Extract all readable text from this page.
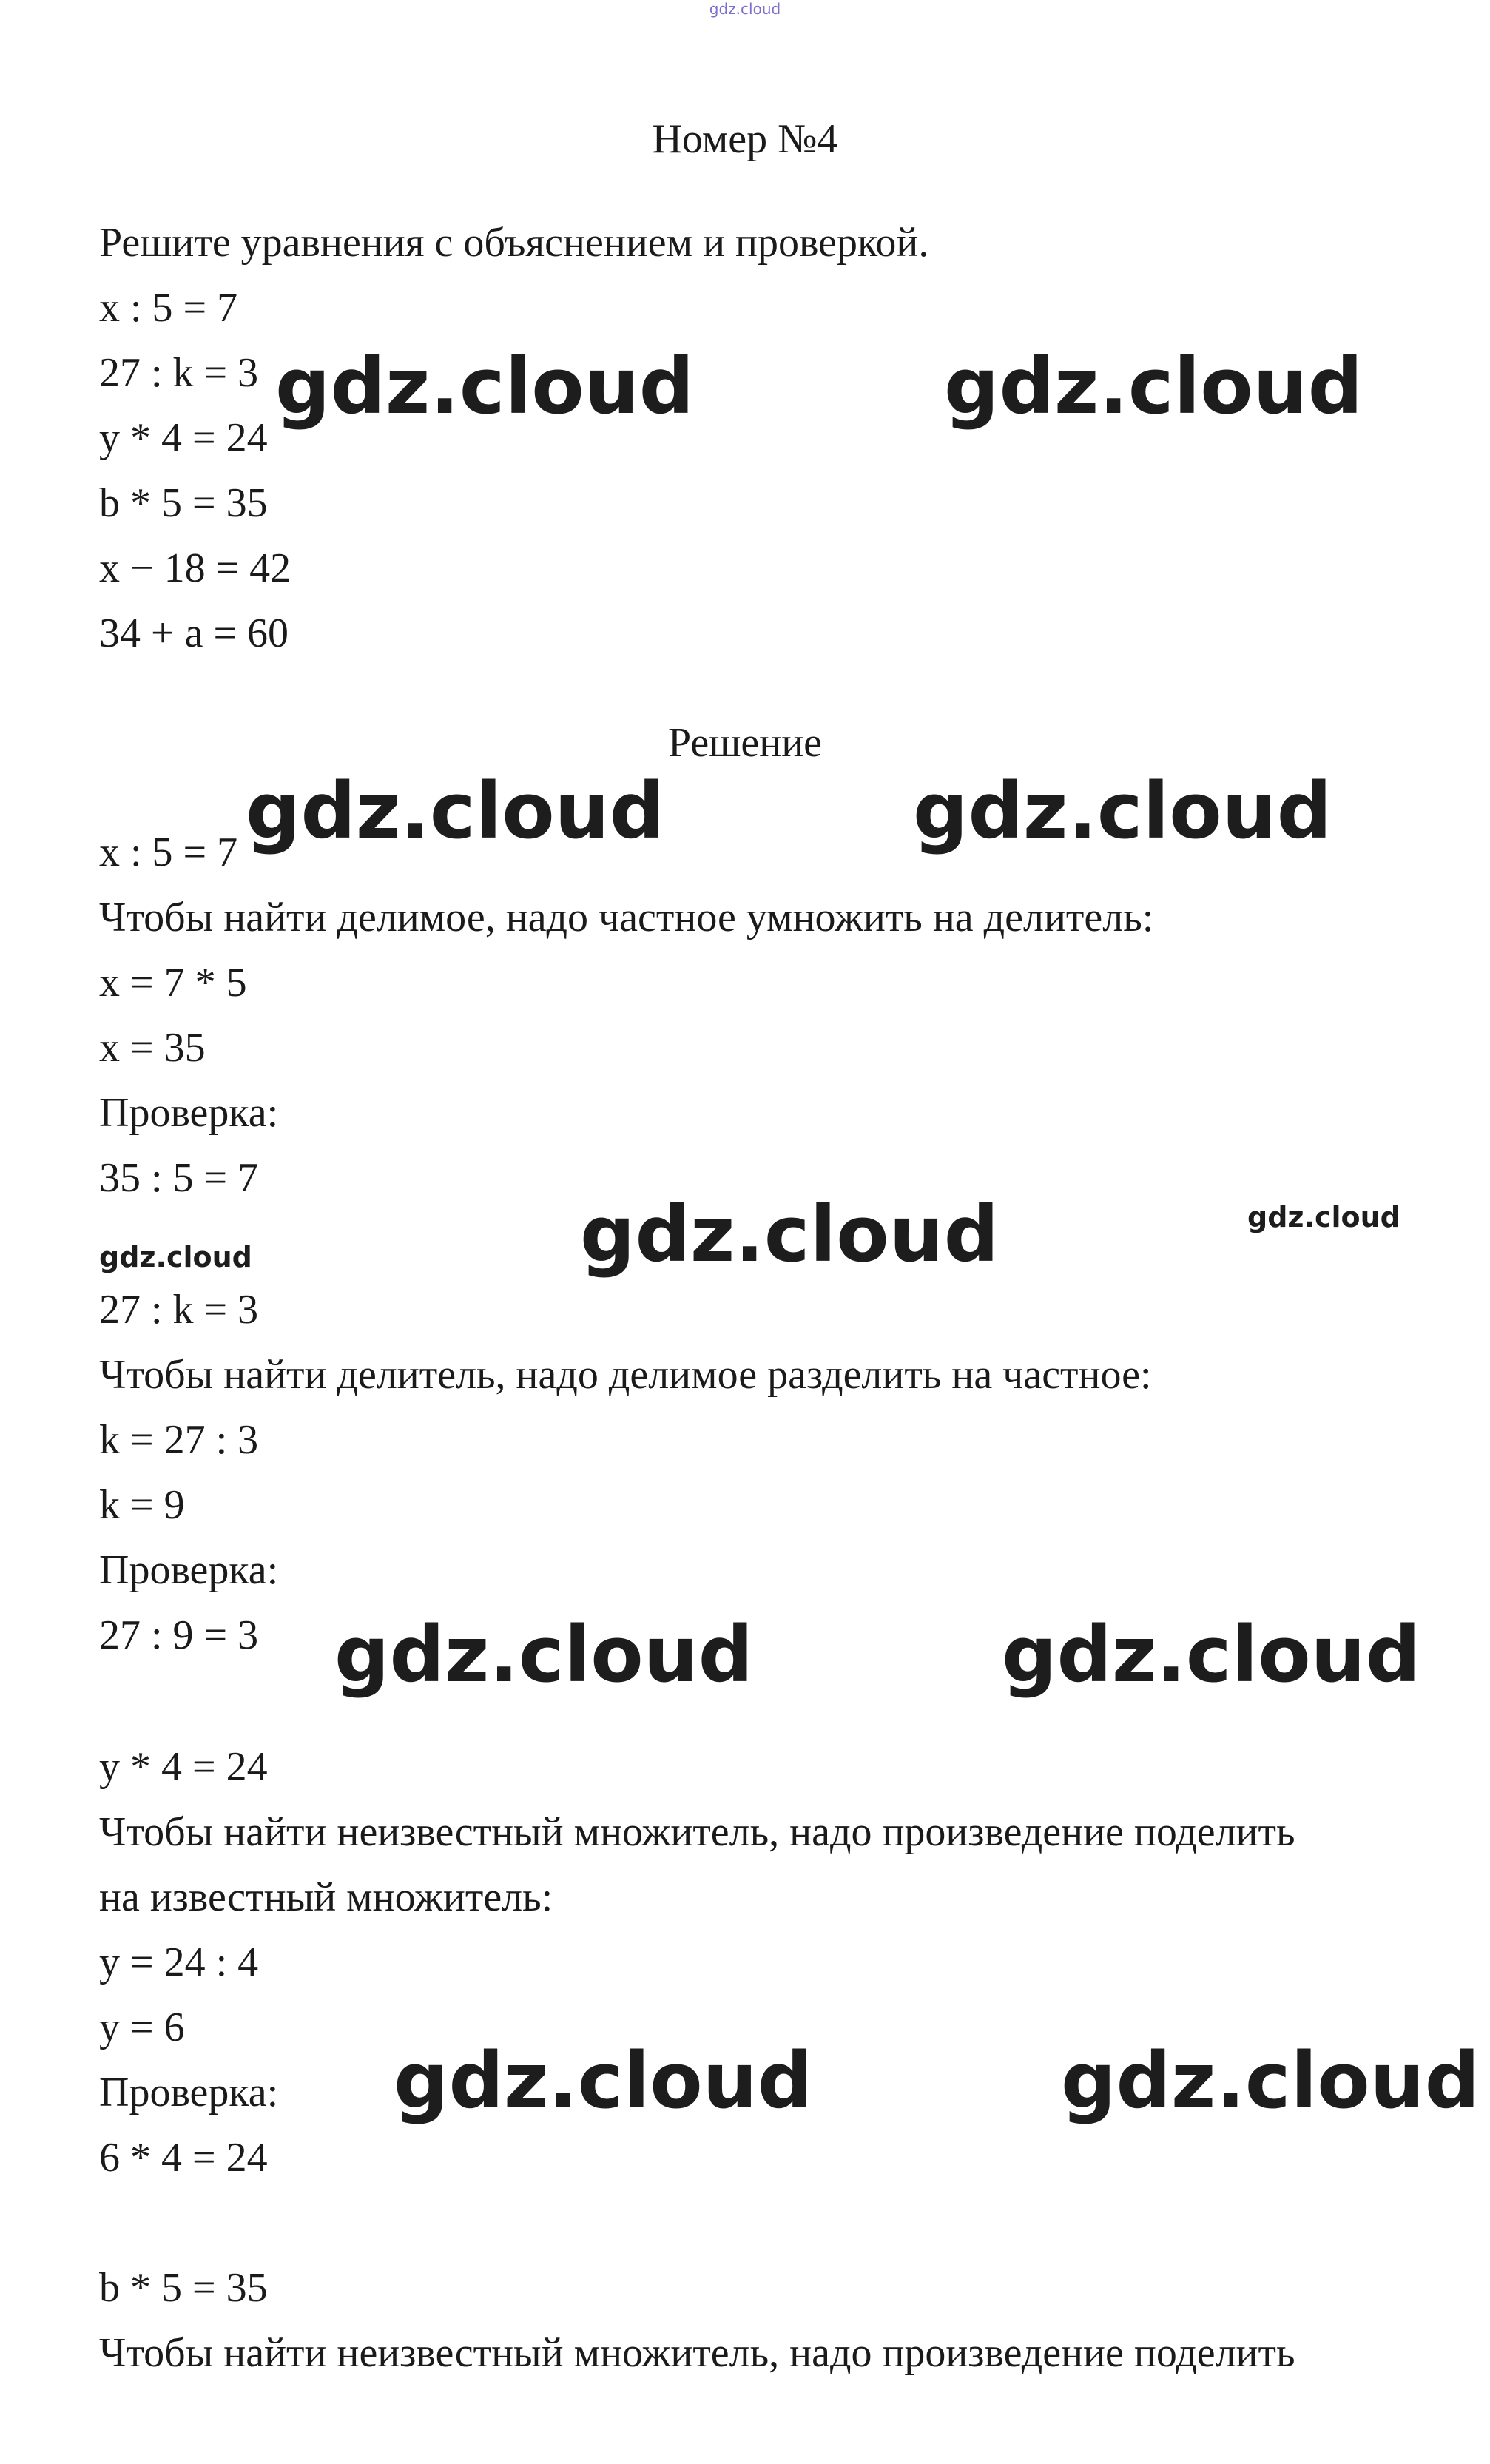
gdz.cloud
Номер №4
Решите уравнения с объяснением и проверкой.
x : 5 = 7
27 : k = 3
y * 4 = 24
b * 5 = 35
x − 18 = 42
34 + a = 60
Решение
x : 5 = 7
Чтобы найти делимое, надо частное умножить на делитель:
x = 7 * 5
x = 35
Проверка:
35 : 5 = 7
27 : k = 3
Чтобы найти делитель, надо делимое разделить на частное:
k = 27 : 3
k = 9
Проверка:
27 : 9 = 3
y * 4 = 24
Чтобы найти неизвестный множитель, надо произведение поделить
на известный множитель:
y = 24 : 4
y = 6
Проверка:
6 * 4 = 24
b * 5 = 35
Чтобы найти неизвестный множитель, надо произведение поделить
gdz.cloud	gdz.cloud
gdz.cloud	gdz.cloud
gdz.cloud	gdz.cloud
gdz.cloud
gdz.cloud	gdz.cloud
gdz.cloud	gdz.cloud
